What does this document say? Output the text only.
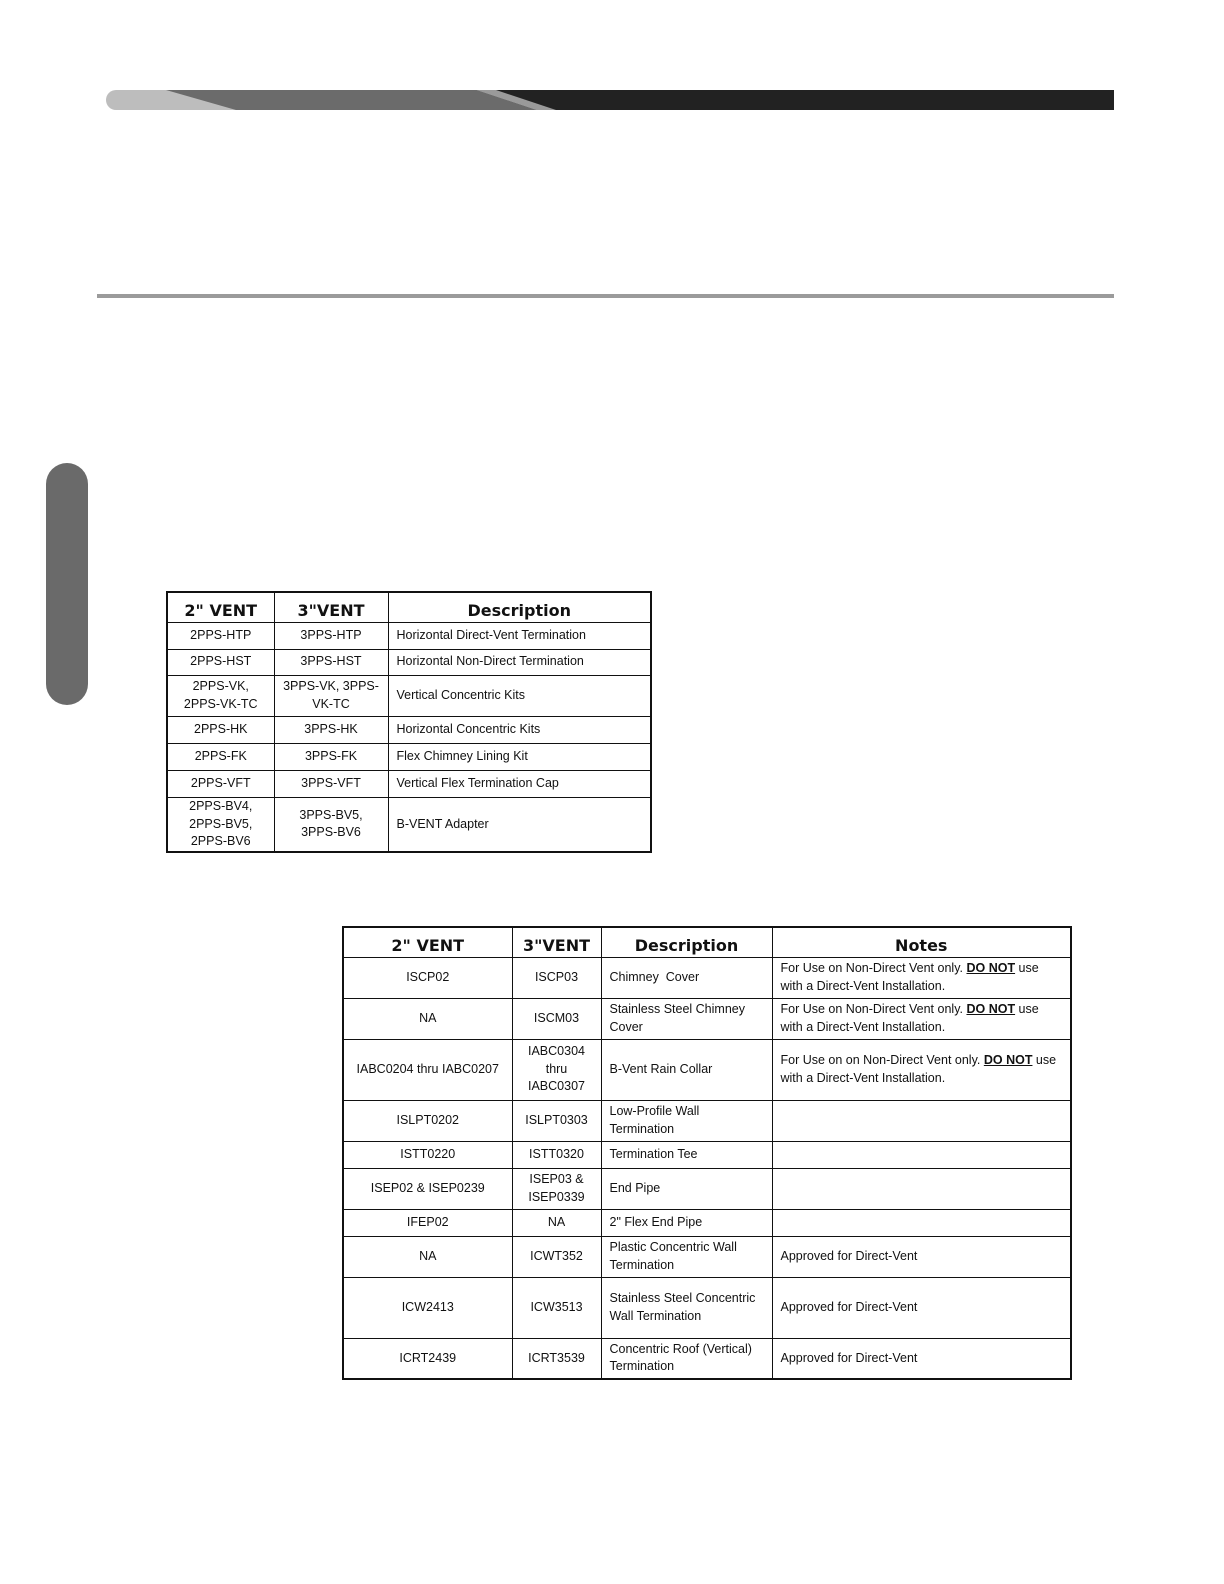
2" VENT	3"VENT	Description
2PPS-HTP	3PPS-HTP	Horizontal Direct-Vent Termination
2PPS-HST	3PPS-HST	Horizontal Non-Direct Termination
2PPS-VK, 2PPS-VK-TC	3PPS-VK, 3PPS-VK-TC	Vertical Concentric Kits
2PPS-HK	3PPS-HK	Horizontal Concentric Kits
2PPS-FK	3PPS-FK	Flex Chimney Lining Kit
2PPS-VFT	3PPS-VFT	Vertical Flex Termination Cap
2PPS-BV4, 2PPS-BV5, 2PPS-BV6	3PPS-BV5, 3PPS-BV6	B-VENT Adapter
2" VENT	3"VENT	Description	Notes
ISCP02	ISCP03	Chimney  Cover	For Use on Non-Direct Vent only. DO NOT use with a Direct-Vent Installation.
NA	ISCM03	Stainless Steel Chimney Cover	For Use on Non-Direct Vent only. DO NOT use with a Direct-Vent Installation.
IABC0204 thru IABC0207	IABC0304 thru IABC0307	B-Vent Rain Collar	For Use on on Non-Direct Vent only. DO NOT use with a Direct-Vent Installation.
ISLPT0202	ISLPT0303	Low-Profile Wall Termination	
ISTT0220	ISTT0320	Termination Tee	
ISEP02 & ISEP0239	ISEP03 & ISEP0339	End Pipe	
IFEP02	NA	2" Flex End Pipe	
NA	ICWT352	Plastic Concentric Wall Termination	Approved for Direct-Vent
ICW2413	ICW3513	Stainless Steel Concentric Wall Termination	Approved for Direct-Vent
ICRT2439	ICRT3539	Concentric Roof (Vertical) Termination	Approved for Direct-Vent
